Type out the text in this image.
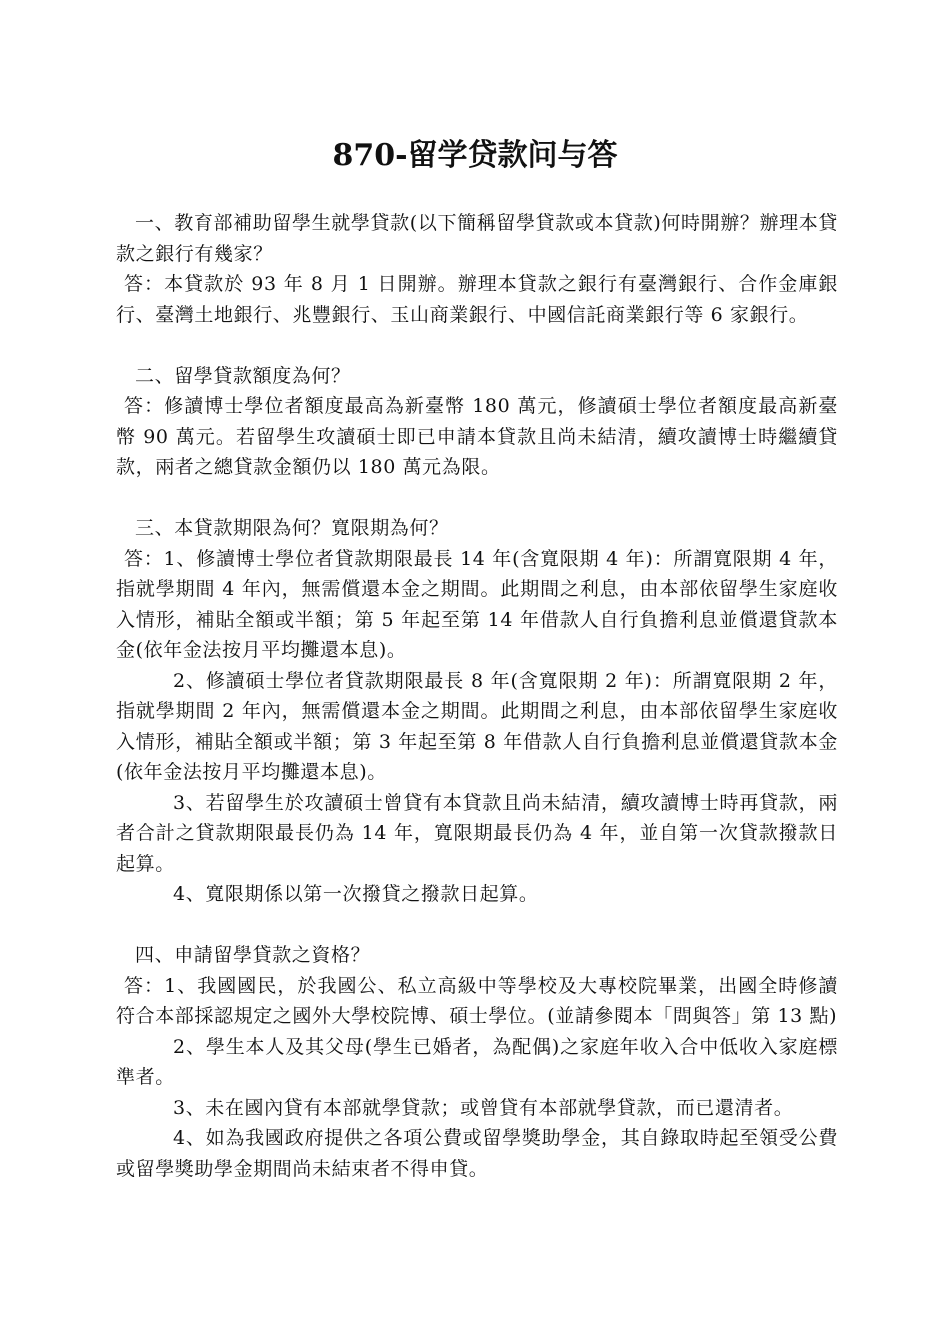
870-留学贷款问与答

一、教育部補助留學生就學貸款(以下簡稱留學貸款或本貸款)何時開辦？辦理本貸款之銀行有幾家？

答：本貸款於 93 年 8 月 1 日開辦。辦理本貸款之銀行有臺灣銀行、合作金庫銀行、臺灣土地銀行、兆豐銀行、玉山商業銀行、中國信託商業銀行等 6 家銀行。

二、留學貸款額度為何？

答：修讀博士學位者額度最高為新臺幣 180 萬元，修讀碩士學位者額度最高新臺幣 90 萬元。若留學生攻讀碩士即已申請本貸款且尚未結清，續攻讀博士時繼續貸款，兩者之總貸款金額仍以 180 萬元為限。

三、本貸款期限為何？寬限期為何？

答：1、修讀博士學位者貸款期限最長 14 年(含寬限期 4 年)：所謂寬限期 4 年，指就學期間 4 年內，無需償還本金之期間。此期間之利息，由本部依留學生家庭收入情形，補貼全額或半額；第 5 年起至第 14 年借款人自行負擔利息並償還貸款本金(依年金法按月平均攤還本息)。

2、修讀碩士學位者貸款期限最長 8 年(含寬限期 2 年)：所謂寬限期 2 年，指就學期間 2 年內，無需償還本金之期間。此期間之利息，由本部依留學生家庭收入情形，補貼全額或半額；第 3 年起至第 8 年借款人自行負擔利息並償還貸款本金(依年金法按月平均攤還本息)。

3、若留學生於攻讀碩士曾貸有本貸款且尚未結清，續攻讀博士時再貸款，兩者合計之貸款期限最長仍為 14 年，寬限期最長仍為 4 年，並自第一次貸款撥款日起算。

4、寬限期係以第一次撥貸之撥款日起算。

四、申請留學貸款之資格？

答：1、我國國民，於我國公、私立高級中等學校及大專校院畢業，出國全時修讀符合本部採認規定之國外大學校院博、碩士學位。(並請參閱本「問與答」第 13 點)

2、學生本人及其父母(學生已婚者，為配偶)之家庭年收入合中低收入家庭標準者。

3、未在國內貸有本部就學貸款；或曾貸有本部就學貸款，而已還清者。

4、如為我國政府提供之各項公費或留學獎助學金，其自錄取時起至領受公費或留學獎助學金期間尚未結束者不得申貸。
